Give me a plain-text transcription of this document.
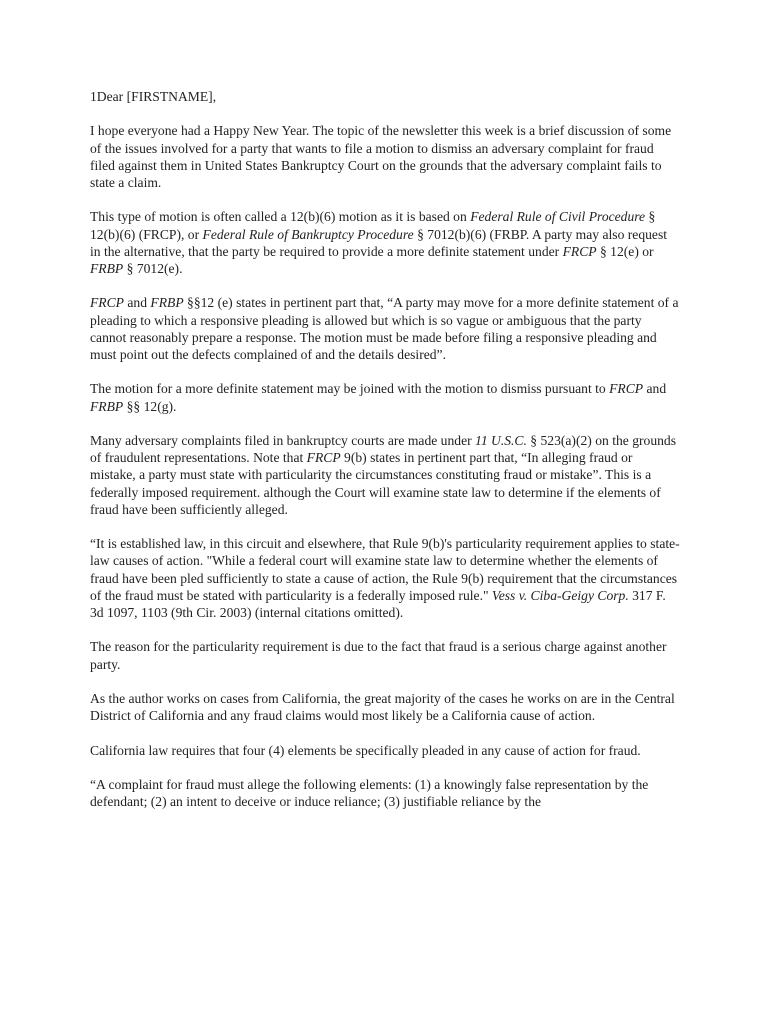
1Dear [FIRSTNAME],

I hope everyone had a Happy New Year. The topic of the newsletter this week is a brief discussion of some of the issues involved for a party that wants to file a motion to dismiss an adversary complaint for fraud filed against them in United States Bankruptcy Court on the grounds that the adversary complaint fails to state a claim.

This type of motion is often called a 12(b)(6) motion as it is based on Federal Rule of Civil Procedure § 12(b)(6) (FRCP), or Federal Rule of Bankruptcy Procedure § 7012(b)(6) (FRBP. A party may also request in the alternative, that the party be required to provide a more definite statement under FRCP § 12(e) or FRBP § 7012(e).

FRCP and FRBP §§12 (e) states in pertinent part that, “A party may move for a more definite statement of a pleading to which a responsive pleading is allowed but which is so vague or ambiguous that the party cannot reasonably prepare a response. The motion must be made before filing a responsive pleading and must point out the defects complained of and the details desired”.

The motion for a more definite statement may be joined with the motion to dismiss pursuant to FRCP and FRBP §§ 12(g).

Many adversary complaints filed in bankruptcy courts are made under 11 U.S.C. § 523(a)(2) on the grounds of fraudulent representations. Note that FRCP 9(b) states in pertinent part that, “In alleging fraud or mistake, a party must state with particularity the circumstances constituting fraud or mistake”. This is a federally imposed requirement. although the Court will examine state law to determine if the elements of fraud have been sufficiently alleged.

“It is established law, in this circuit and elsewhere, that Rule 9(b)'s particularity requirement applies to state-law causes of action. "While a federal court will examine state law to determine whether the elements of fraud have been pled sufficiently to state a cause of action, the Rule 9(b) requirement that the circumstances of the fraud must be stated with particularity is a federally imposed rule." Vess v. Ciba-Geigy Corp. 317 F. 3d 1097, 1103 (9th Cir. 2003) (internal citations omitted).

The reason for the particularity requirement is due to the fact that fraud is a serious charge against another party.

As the author works on cases from California, the great majority of the cases he works on are in the Central District of California and any fraud claims would most likely be a California cause of action.

California law requires that four (4) elements be specifically pleaded in any cause of action for fraud.

“A complaint for fraud must allege the following elements: (1) a knowingly false representation by the defendant; (2) an intent to deceive or induce reliance; (3) justifiable reliance by the
